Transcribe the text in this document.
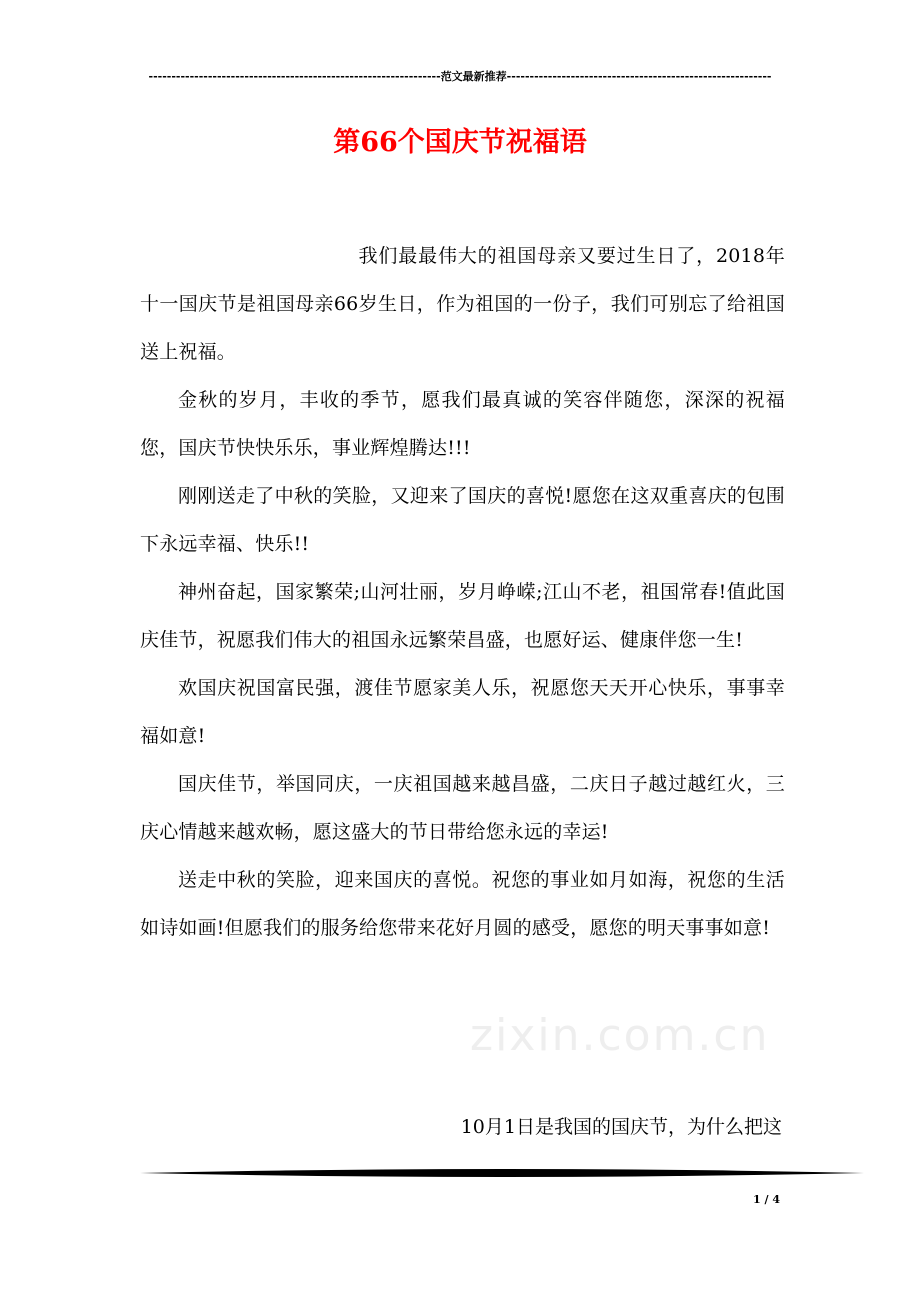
----------------------------------------------------------------范文最新推荐----------------------------------------------------------
第66个国庆节祝福语

我们最最伟大的祖国母亲又要过生日了，2018年十一国庆节是祖国母亲66岁生日，作为祖国的一份子，我们可别忘了给祖国送上祝福。

金秋的岁月，丰收的季节，愿我们最真诚的笑容伴随您，深深的祝福您，国庆节快快乐乐，事业辉煌腾达!!!

刚刚送走了中秋的笑脸，又迎来了国庆的喜悦!愿您在这双重喜庆的包围下永远幸福、快乐!!

神州奋起，国家繁荣;山河壮丽，岁月峥嵘;江山不老，祖国常春!值此国庆佳节，祝愿我们伟大的祖国永远繁荣昌盛，也愿好运、健康伴您一生!

欢国庆祝国富民强，渡佳节愿家美人乐，祝愿您天天开心快乐，事事幸福如意!

国庆佳节，举国同庆，一庆祖国越来越昌盛，二庆日子越过越红火，三庆心情越来越欢畅，愿这盛大的节日带给您永远的幸运!

送走中秋的笑脸，迎来国庆的喜悦。祝您的事业如月如海，祝您的生活如诗如画!但愿我们的服务给您带来花好月圆的感受，愿您的明天事事如意!

zixin.com.cn
10月1日是我国的国庆节，为什么把这
1 / 4
